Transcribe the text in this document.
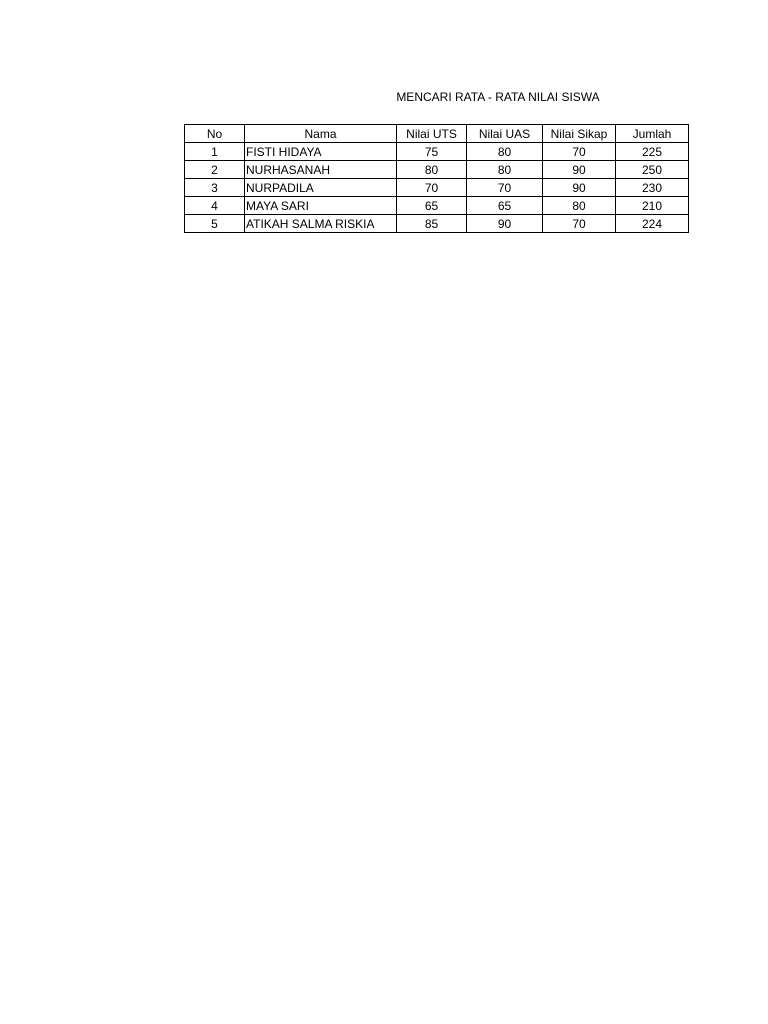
MENCARI RATA - RATA NILAI SISWA
No	Nama	Nilai UTS	Nilai UAS	Nilai Sikap	Jumlah
1	FISTI HIDAYA	75	80	70	225
2	NURHASANAH	80	80	90	250
3	NURPADILA	70	70	90	230
4	MAYA SARI	65	65	80	210
5	ATIKAH SALMA RISKIA	85	90	70	224
